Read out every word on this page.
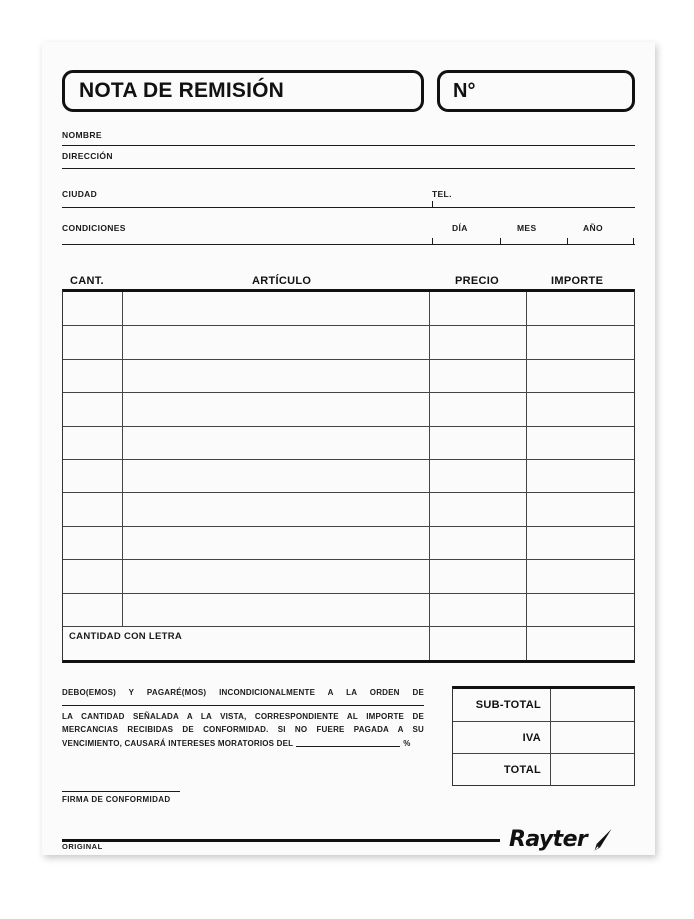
NOTA DE REMISIÓN	N°
NOMBRE
DIRECCIÓN
CIUDAD	TEL.
CONDICIONES	DÍA	MES	AÑO
CANT.	ARTÍCULO	PRECIO	IMPORTE
CANTIDAD CON LETRA
DEBO(EMOS) Y PAGARÉ(MOS) INCONDICIONALMENTE A LA ORDEN DE
LA CANTIDAD SEÑALADA A LA VISTA, CORRESPONDIENTE AL IMPORTE DE
MERCANCIAS RECIBIDAS DE CONFORMIDAD. SI NO FUERE PAGADA A SU
VENCIMIENTO, CAUSARÁ INTERESES MORATORIOS DEL	%
SUB-TOTAL
IVA
TOTAL
FIRMA DE CONFORMIDAD
Rayter
ORIGINAL
